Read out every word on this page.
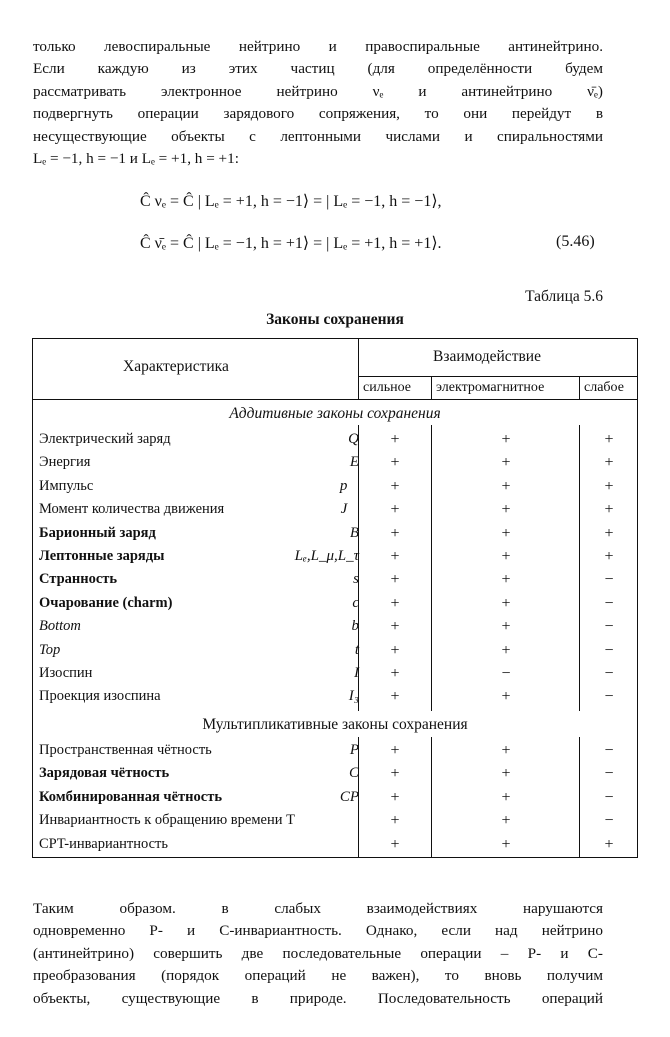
только левоспиральные нейтрино и правоспиральные антинейтрино.
Если каждую из этих частиц (для определённости будем
рассматривать электронное нейтрино νₑ и антинейтрино ν̄ₑ)
подвергнуть операции зарядового сопряжения, то они перейдут в
несуществующие объекты с лептонными числами и спиральностями
Lₑ = −1, h = −1 и Lₑ = +1, h = +1:
Ĉ νₑ = Ĉ | Lₑ = +1, h = −1⟩ = | Lₑ = −1, h = −1⟩,
Ĉ ν̄ₑ = Ĉ | Lₑ = −1, h = +1⟩ = | Lₑ = +1, h = +1⟩.	(5.46)
Таблица 5.6
Законы сохранения
Характеристика
Взаимодействие
сильное электромагнитное	слабое
Аддитивные законы сохранения
Электрический заряд	Q	+	+	+
Энергия	E	+	+	+
Импульс	p⃗	+	+	+
Момент количества движения	J⃗	+	+	+
Барионный заряд	B	+	+	+
Лептонные заряды	Lₑ,L_μ,L_τ	+	+	+
Странность	s	+	+	−
Очарование (charm)	c	+	+	−
Bottom	b	+	+	−
Top	t	+	+	−
Изоспин	I	+	−	−
Проекция изоспина	I₃	+	+	−
Мультипликативные законы сохранения
Пространственная чётность	P	+	+	−
Зарядовая чётность	C	+	+	−
Комбинированная чётность	CP	+	+	−
Инвариантность к обращению времени T	+	+	−
CPT-инвариантность	+	+	+
Таким образом. в слабых взаимодействиях нарушаются
одновременно P- и C-инвариантность. Однако, если над нейтрино
(антинейтрино) совершить две последовательные операции – P- и C-
преобразования (порядок операций не важен), то вновь получим
объекты, существующие в природе. Последовательность операций
